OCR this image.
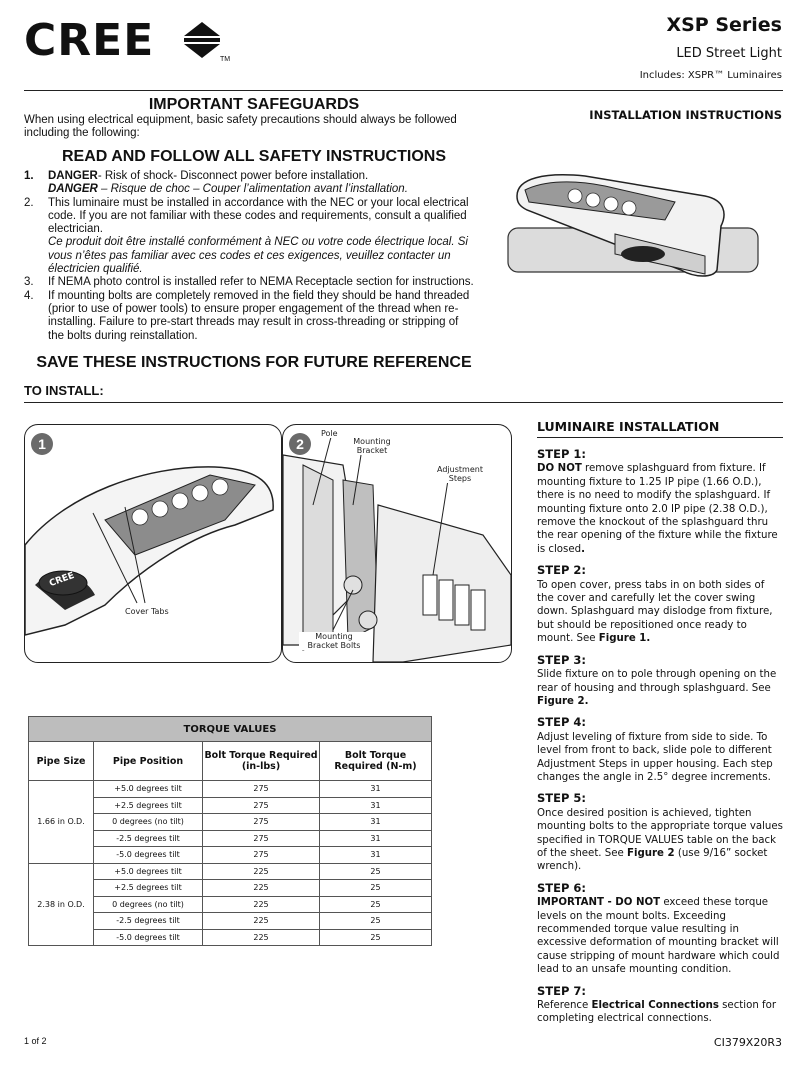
CREE	TM
XSP Series
LED Street Light
Includes: XSPR™ Luminaires
IMPORTANT SAFEGUARDS
When using electrical equipment, basic safety precautions should always be followed including the following:
INSTALLATION INSTRUCTIONS
READ AND FOLLOW ALL SAFETY INSTRUCTIONS
1.	DANGER- Risk of shock- Disconnect power before installation.
DANGER – Risque de choc – Couper l’alimentation avant l’installation.
2.	This luminaire must be installed in accordance with the NEC or your local electrical code. If you are not familiar with these codes and requirements, consult a qualified electrician.
Ce produit doit être installé conformément à NEC ou votre code électrique local. Si vous n’êtes pas familiar avec ces codes et ces exigences, veuillez contacter un électricien qualifié.
3.	If NEMA photo control is installed refer to NEMA Receptacle section for instructions.
4.	If mounting bolts are completely removed in the field they should be hand threaded (prior to use of power tools) to ensure proper engagement of the thread when re-installing. Failure to pre-start threads may result in cross-threading or stripping of the bolts during reinstallation.
SAVE THESE INSTRUCTIONS FOR FUTURE REFERENCE
TO INSTALL:
1
CREE
Cover Tabs
2
Pole
Mounting Bracket
Adjustment Steps
Mounting Bracket Bolts
TORQUE VALUES			
Pipe Size	Pipe Position	Bolt Torque Required (in-lbs)	Bolt Torque Required (N-m)
1.66 in O.D.	+5.0 degrees tilt	275	31
	+2.5 degrees tilt	275	31
	0 degrees (no tilt)	275	31
	-2.5 degrees tilt	275	31
	-5.0 degrees tilt	275	31
2.38 in O.D.	+5.0 degrees tilt	225	25
	+2.5 degrees tilt	225	25
	0 degrees (no tilt)	225	25
	-2.5 degrees tilt	225	25
	-5.0 degrees tilt	225	25
LUMINAIRE INSTALLATION
STEP 1:
DO NOT remove splashguard from fixture. If mounting fixture to 1.25 IP pipe (1.66 O.D.), there is no need to modify the splashguard. If mounting fixture onto 2.0 IP pipe (2.38 O.D.), remove the knockout of the splashguard thru the rear opening of the fixture while the fixture is closed.
STEP 2:
To open cover, press tabs in on both sides of the cover and carefully let the cover swing down. Splashguard may dislodge from fixture, but should be repositioned once ready to mount. See Figure 1.
STEP 3:
Slide fixture on to pole through opening on the rear of housing and through splashguard. See Figure 2.
STEP 4:
Adjust leveling of fixture from side to side. To level from front to back, slide pole to different Adjustment Steps in upper housing. Each step changes the angle in 2.5° degree increments.
STEP 5:
Once desired position is achieved, tighten mounting bolts to the appropriate torque values specified in TORQUE VALUES table on the back of the sheet. See Figure 2 (use 9/16” socket wrench).
STEP 6:
IMPORTANT - DO NOT exceed these torque levels on the mount bolts. Exceeding recommended torque value resulting in excessive deformation of mounting bracket will cause stripping of mount hardware which could lead to an unsafe mounting condition.
STEP 7:
Reference Electrical Connections section for completing electrical connections.
1 of 2	CI379X20R3
